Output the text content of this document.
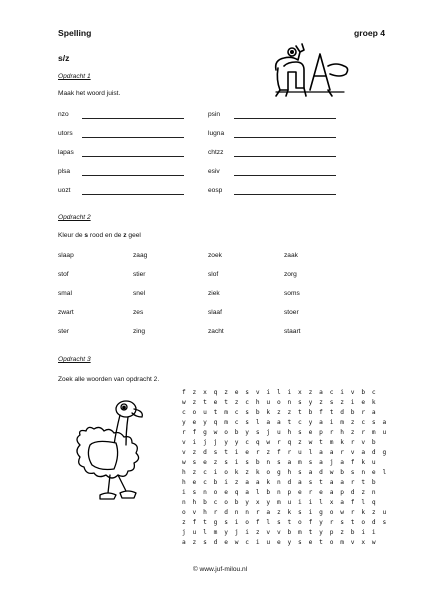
Spelling	groep 4
s/z
Opdracht 1
Maak het woord juist.
nzo
utors
lapas
plsa
uozt
psin
lugna
chtzz
esiv
eosp
Opdracht 2
Kleur de s rood en de z geel
slaap	zaag	zoek	zaak
stof	stier	slof	zorg
smal	snel	ziek	soms
zwart	zes	slaaf	stoer
ster	zing	zacht	staart
Opdracht 3
Zoek alle woorden van opdracht 2.
f z x q z e s v i l i x z a c i v b c
w z t e t z c h u o n s y z s z i e k
c o u t m c s b k z z t b f t d b r a
y e y q m c s l a a t c y a i m z c s a
r f g w o b y s j u h s e p r h z r m u
v i j j y y c q w r q z w t m k r v b
v z d s t i e r z f r u l a a r v a d g
w s e z s i s b n s a m s a j a f k u
h z c i o k z k o g h s a d w b s n e l
h e c b i z a a k n d a s t a a r t b
i s n o e q a l b n p e r e a p d z n
n h b c o b y x y m u i i l x a f l q
o v h r d n n r a z k s i g o w r k z u
z f t g s i o f l s t o f y r s t o d s
j u l m y j i z v v b m t y p z b i i
a z s d e w c i u e y s e t o m v x w
© www.juf-milou.nl
